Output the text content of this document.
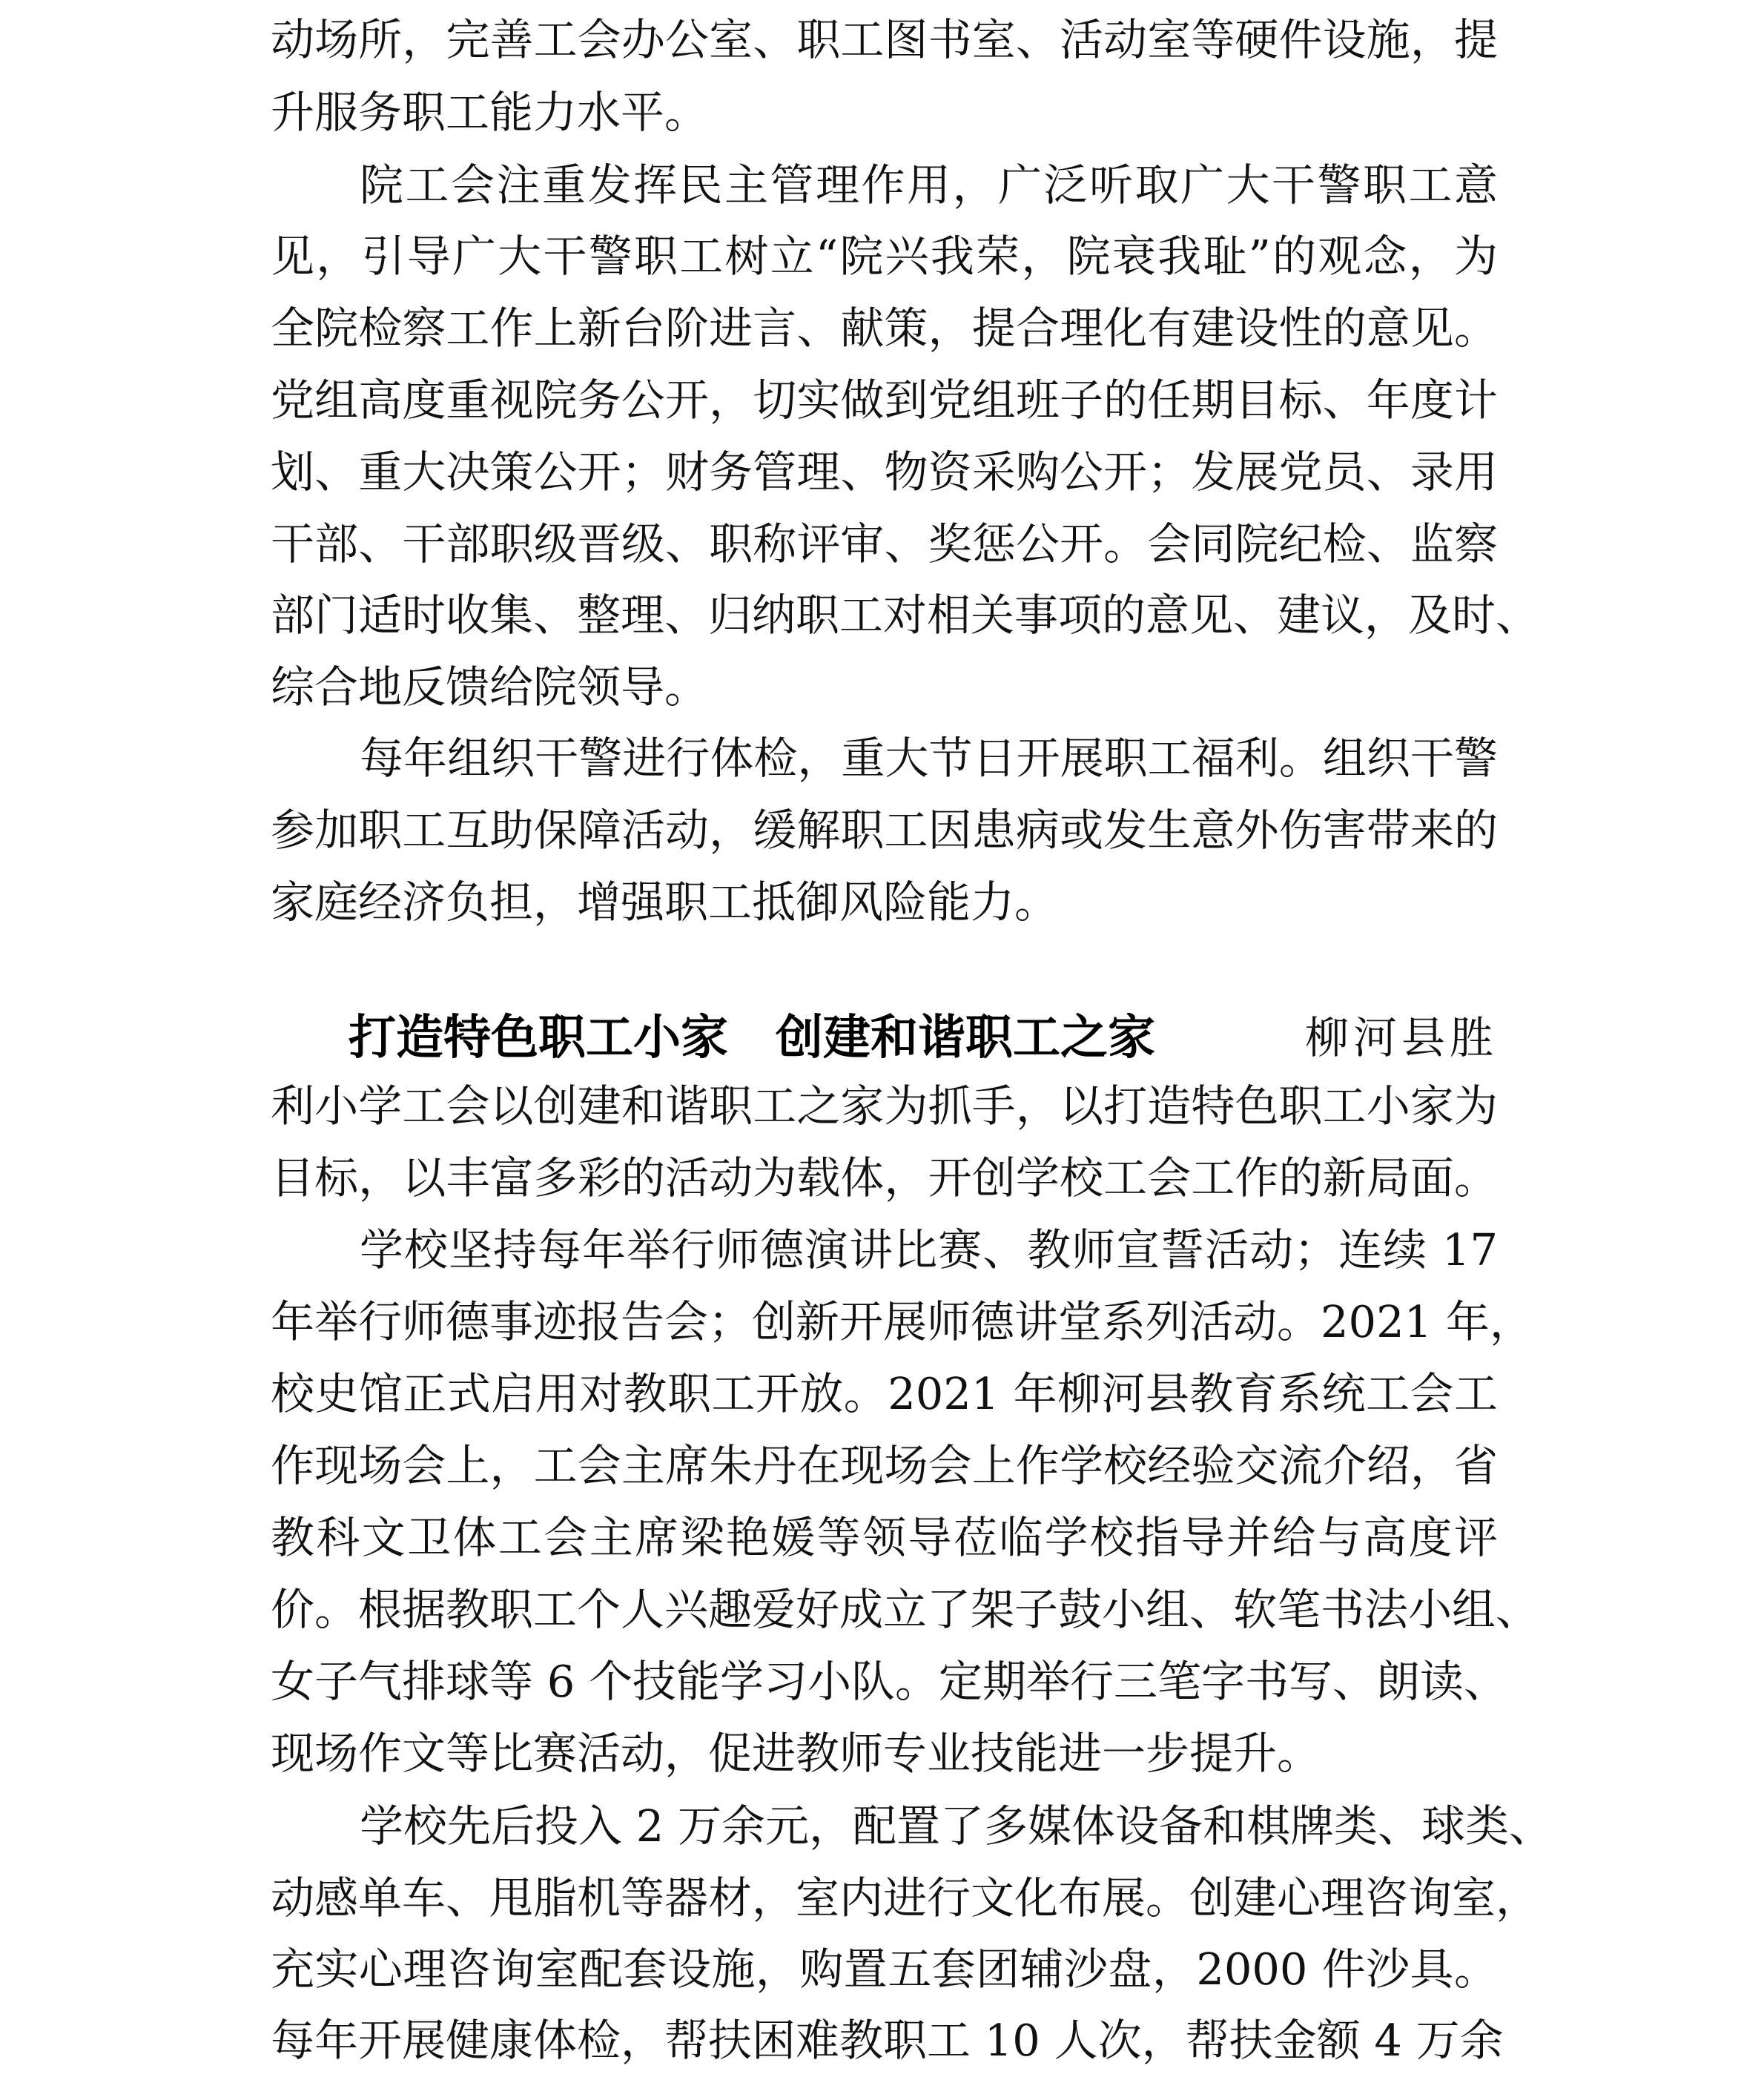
动场所，完善工会办公室、职工图书室、活动室等硬件设施，提
升服务职工能力水平。
院工会注重发挥民主管理作用，广泛听取广大干警职工意
见，引导广大干警职工树立“院兴我荣，院衰我耻”的观念，为
全院检察工作上新台阶进言、献策，提合理化有建设性的意见。
党组高度重视院务公开，切实做到党组班子的任期目标、年度计
划、重大决策公开；财务管理、物资采购公开；发展党员、录用
干部、干部职级晋级、职称评审、奖惩公开。会同院纪检、监察
部门适时收集、整理、归纳职工对相关事项的意见、建议，及时、
综合地反馈给院领导。
每年组织干警进行体检，重大节日开展职工福利。组织干警
参加职工互助保障活动，缓解职工因患病或发生意外伤害带来的
家庭经济负担，增强职工抵御风险能力。
打造特色职工小家　创建和谐职工之家	柳河县胜
利小学工会以创建和谐职工之家为抓手，以打造特色职工小家为
目标，以丰富多彩的活动为载体，开创学校工会工作的新局面。
学校坚持每年举行师德演讲比赛、教师宣誓活动；连续 17
年举行师德事迹报告会；创新开展师德讲堂系列活动。2021 年，
校史馆正式启用对教职工开放。2021 年柳河县教育系统工会工
作现场会上，工会主席朱丹在现场会上作学校经验交流介绍，省
教科文卫体工会主席梁艳媛等领导莅临学校指导并给与高度评
价。根据教职工个人兴趣爱好成立了架子鼓小组、软笔书法小组、
女子气排球等 6 个技能学习小队。定期举行三笔字书写、朗读、
现场作文等比赛活动，促进教师专业技能进一步提升。
学校先后投入 2 万余元，配置了多媒体设备和棋牌类、球类、
动感单车、甩脂机等器材，室内进行文化布展。创建心理咨询室，
充实心理咨询室配套设施，购置五套团辅沙盘，2000 件沙具。
每年开展健康体检，帮扶困难教职工 10 人次，帮扶金额 4 万余
